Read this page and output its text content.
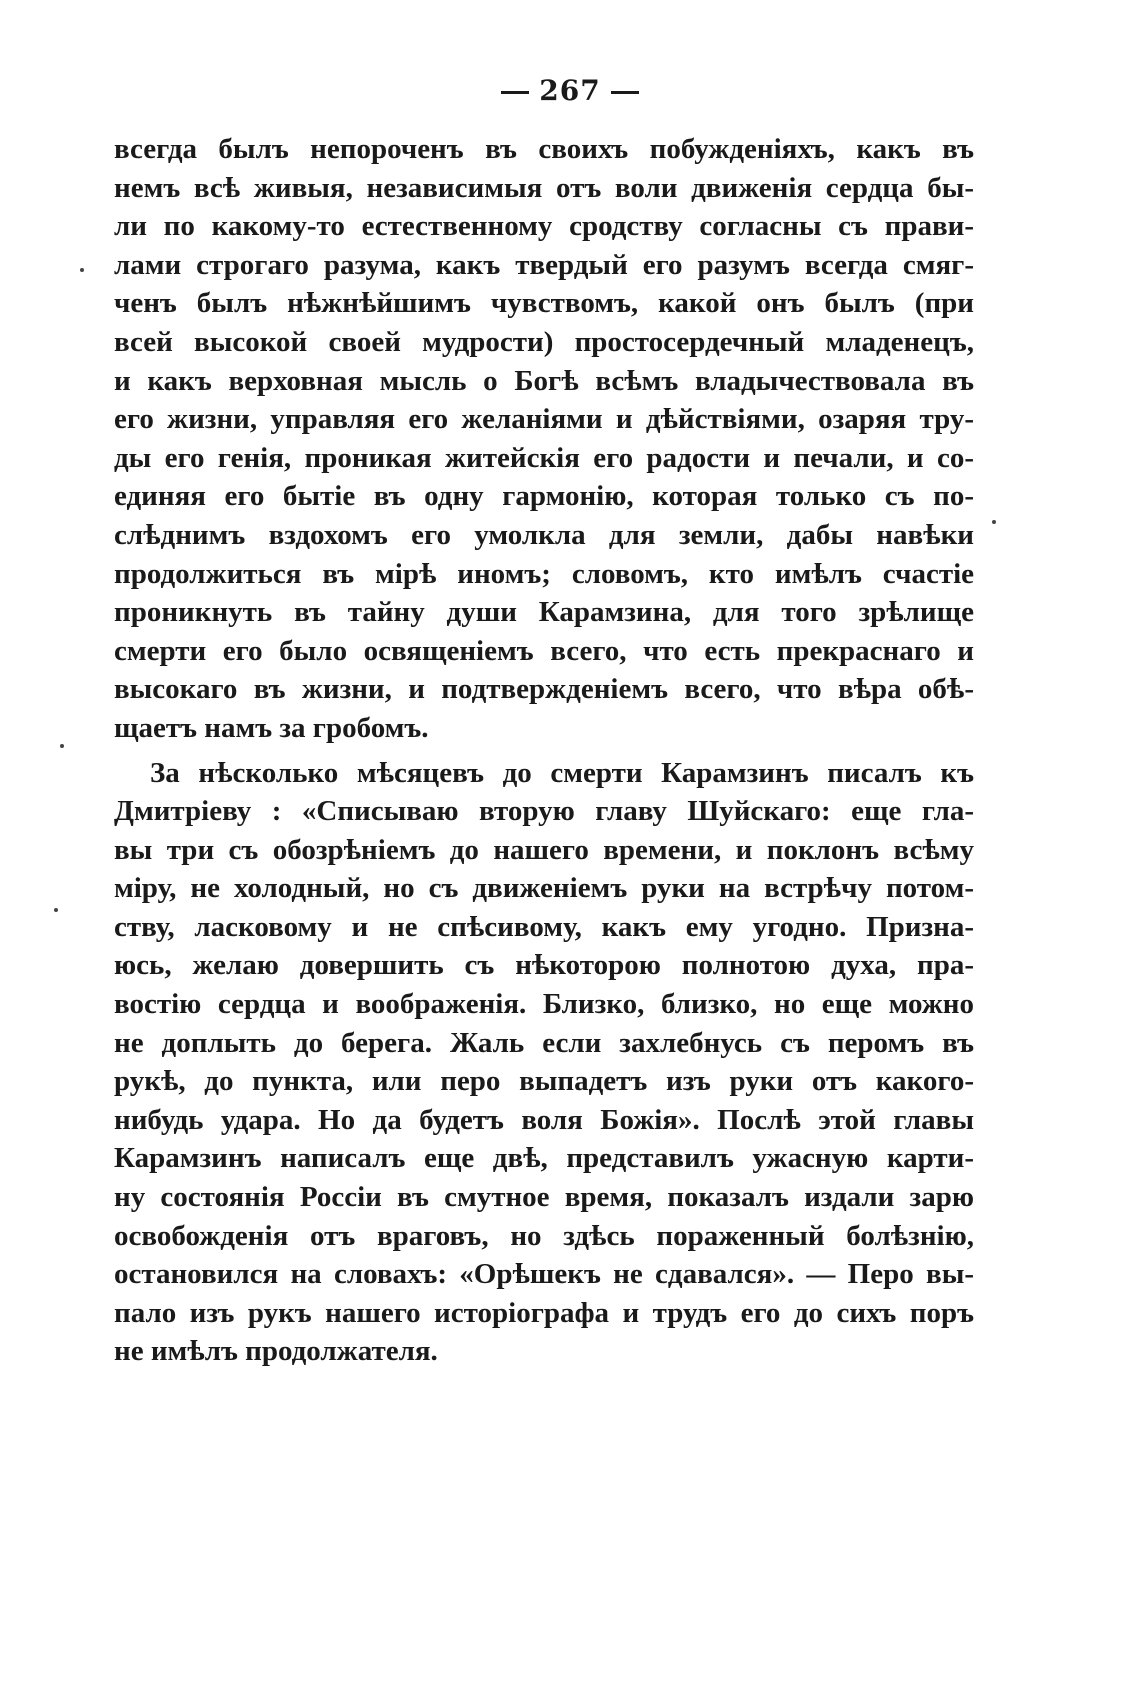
267
всегда былъ непороченъ въ своихъ побужденіяхъ, какъ въ
немъ всѣ живыя, независимыя отъ воли движенія сердца бы-
ли по какому-то естественному сродству согласны съ прави-
лами строгаго разума, какъ твердый его разумъ всегда смяг-
ченъ былъ нѣжнѣйшимъ чувствомъ, какой онъ былъ (при
всей высокой своей мудрости) простосердечный младенецъ,
и какъ верховная мысль о Богѣ всѣмъ владычествовала въ
его жизни, управляя его желаніями и дѣйствіями, озаряя тру-
ды его генія, проникая житейскія его радости и печали, и со-
единяя его бытіе въ одну гармонію, которая только съ по-
слѣднимъ вздохомъ его умолкла для земли, дабы навѣки
продолжиться въ мірѣ иномъ; словомъ, кто имѣлъ счастіе
проникнуть въ тайну души Карамзина, для того зрѣлище
смерти его было освященіемъ всего, что есть прекраснаго и
высокаго въ жизни, и подтвержденіемъ всего, что вѣра обѣ-
щаетъ намъ за гробомъ.
За нѣсколько мѣсяцевъ до смерти Карамзинъ писалъ къ
Дмитріеву : «Списываю вторую главу Шуйскаго: еще гла-
вы три съ обозрѣніемъ до нашего времени, и поклонъ всѣму
міру, не холодный, но съ движеніемъ руки на встрѣчу потом-
ству, ласковому и не спѣсивому, какъ ему угодно. Призна-
юсь, желаю довершить съ нѣкоторою полнотою духа, пра-
востію сердца и воображенія. Близко, близко, но еще можно
не доплыть до берега. Жаль если захлебнусь съ перомъ въ
рукѣ, до пункта, или перо выпадетъ изъ руки отъ какого-
нибудь удара. Но да будетъ воля Божія». Послѣ этой главы
Карамзинъ написалъ еще двѣ, представилъ ужасную карти-
ну состоянія Россіи въ смутное время, показалъ издали зарю
освобожденія отъ враговъ, но здѣсь пораженный болѣзнію,
остановился на словахъ: «Орѣшекъ не сдавался». — Перо вы-
пало изъ рукъ нашего исторіографа и трудъ его до сихъ поръ
не имѣлъ продолжателя.
